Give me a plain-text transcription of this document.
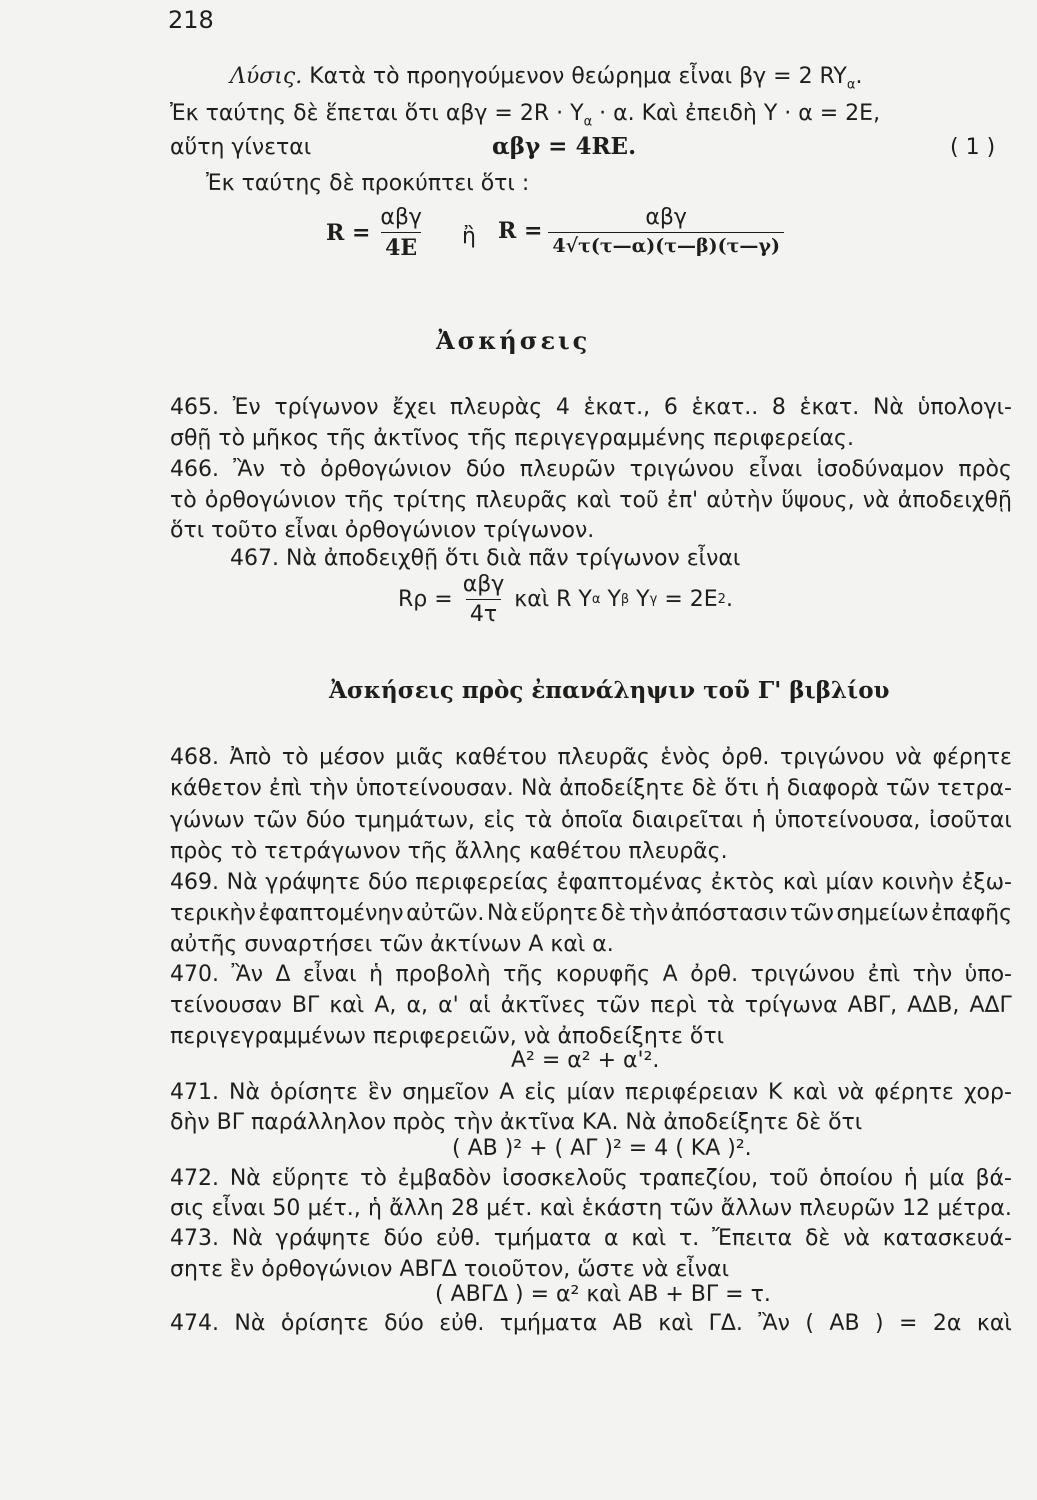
218
Λύσις. Κατὰ τὸ προηγούμενον θεώρημα εἶναι βγ = 2 $RY_\alpha$.
Ἐκ ταύτης δὲ ἕπεται ὅτι $\alpha\beta\gamma = 2R \cdot Y_\alpha \cdot \alpha$. Καὶ ἐπειδὴ Y · α = 2Ε,
αὕτη γίνεται	αβγ = 4RE.	( 1 )
Ἐκ ταύτης δὲ προκύπτει ὅτι :
$R = \frac{\text{αβγ}}{4E}$ ἢ $R = \frac{\text{αβγ}}{4√\tau(\tau—\alpha)(\tau—\beta)(\tau—\gamma)}$
Ἀσκήσεις
465. Ἐν τρίγωνον ἔχει πλευρὰς 4 ἑκατ., 6 ἑκατ.. 8 ἑκατ. Νὰ ὑπολογι-
σθῇ τὸ μῆκος τῆς ἀκτῖνος τῆς περιγεγραμμένης περιφερείας.
466. Ἂν τὸ ὀρθογώνιον δύο πλευρῶν τριγώνου εἶναι ἰσοδύναμον πρὸς
τὸ ὀρθογώνιον τῆς τρίτης πλευρᾶς καὶ τοῦ ἐπ' αὐτὴν ὕψους, νὰ ἀποδειχθῇ
ὅτι τοῦτο εἶναι ὀρθογώνιον τρίγωνον.
467. Νὰ ἀποδειχθῇ ὅτι διὰ πᾶν τρίγωνον εἶναι
$R\rho = \frac{\text{αβγ}}{4\tau}$ καὶ R Y α Y β Y γ
= 2Ε 2 .
Ἀσκήσεις πρὸς ἐπανάληψιν τοῦ Γ' βιβλίου
468. Ἀπὸ τὸ μέσον μιᾶς καθέτου πλευρᾶς ἑνὸς ὀρθ. τριγώνου νὰ φέρητε
κάθετον ἐπὶ τὴν ὑποτείνουσαν. Νὰ ἀποδείξητε δὲ ὅτι ἡ διαφορὰ τῶν τετρα-
γώνων τῶν δύο τμημάτων, εἰς τὰ ὁποῖα διαιρεῖται ἡ ὑποτείνουσα, ἰσοῦται
πρὸς τὸ τετράγωνον τῆς ἄλλης καθέτου πλευρᾶς.
469. Νὰ γράψητε δύο περιφερείας ἐφαπτομένας ἐκτὸς καὶ μίαν κοινὴν ἐξω-
τερικὴν ἐφαπτομένην αὐτῶν. Νὰ εὕρητε δὲ τὴν ἀπόστασιν τῶν σημείων ἐπαφῆς
αὐτῆς συναρτήσει τῶν ἀκτίνων Α καὶ α.
470. Ἂν Δ εἶναι ἡ προβολὴ τῆς κορυφῆς Α ὀρθ. τριγώνου ἐπὶ τὴν ὑπο-
τείνουσαν ΒΓ καὶ Α, α, α' αἱ ἀκτῖνες τῶν περὶ τὰ τρίγωνα ΑΒΓ, ΑΔΒ, ΑΔΓ
περιγεγραμμένων περιφερειῶν, νὰ ἀποδείξητε ὅτι
Α² = α² + α'².
471. Νὰ ὁρίσητε ἓν σημεῖον Α εἰς μίαν περιφέρειαν Κ καὶ νὰ φέρητε χορ-
δὴν ΒΓ παράλληλον πρὸς τὴν ἀκτῖνα ΚΑ. Νὰ ἀποδείξητε δὲ ὅτι
( ΑΒ )² + ( ΑΓ )² = 4 ( ΚΑ )².
472. Νὰ εὕρητε τὸ ἐμβαδὸν ἰσοσκελοῦς τραπεζίου, τοῦ ὁποίου ἡ μία βά-
σις εἶναι 50 μέτ., ἡ ἄλλη 28 μέτ. καὶ ἑκάστη τῶν ἄλλων πλευρῶν 12 μέτρα.
473. Νὰ γράψητε δύο εὐθ. τμήματα α καὶ τ. Ἔπειτα δὲ νὰ κατασκευά-
σητε ἓν ὀρθογώνιον ΑΒΓΔ τοιοῦτον, ὥστε νὰ εἶναι
( ΑΒΓΔ ) = α² καὶ ΑΒ + ΒΓ = τ.
474. Νὰ ὁρίσητε δύο εὐθ. τμήματα ΑΒ καὶ ΓΔ. Ἂν ( ΑΒ ) = 2α καὶ
